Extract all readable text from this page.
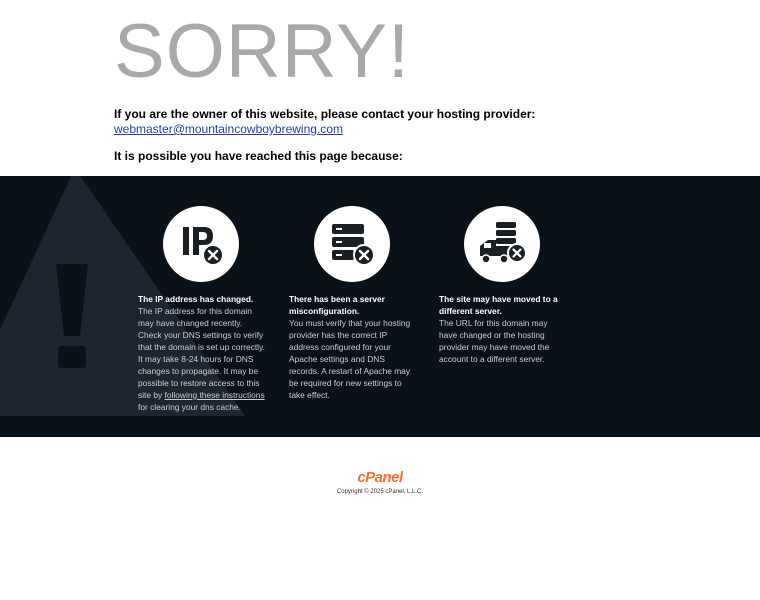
SORRY!

If you are the owner of this website, please contact your hosting provider:

webmaster@mountaincowboybrewing.com

It is possible you have reached this page because:

The IP address has changed.
The IP address for this domain may have changed recently. Check your DNS settings to verify that the domain is set up correctly. It may take 8-24 hours for DNS changes to propagate. It may be possible to restore access to this site by following these instructions for clearing your dns cache.
There has been a server misconfiguration.
You must verify that your hosting provider has the correct IP address configured for your Apache settings and DNS records. A restart of Apache may be required for new settings to take effect.
The site may have moved to a different server.
The URL for this domain may have changed or the hosting provider may have moved the account to a different server.
cPanel
Copyright © 2025 cPanel, L.L.C.
